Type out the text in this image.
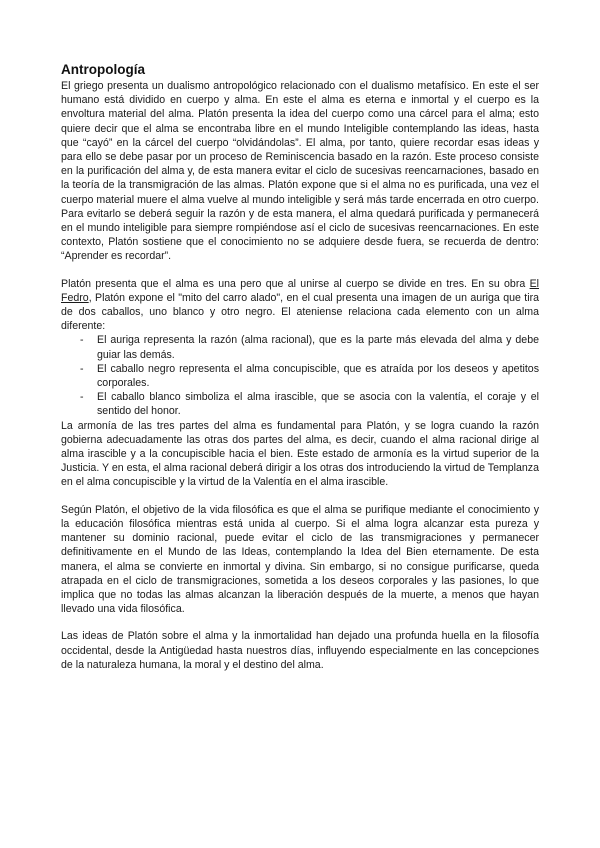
Antropología

El griego presenta un dualismo antropológico relacionado con el dualismo metafísico. En este el ser humano está dividido en cuerpo y alma. En este el alma es eterna e inmortal y el cuerpo es la envoltura material del alma. Platón presenta la idea del cuerpo como una cárcel para el alma; esto quiere decir que el alma se encontraba libre en el mundo Inteligible contemplando las ideas, hasta que “cayó” en la cárcel del cuerpo “olvidándolas”. El alma, por tanto, quiere recordar esas ideas y para ello se debe pasar por un proceso de Reminiscencia basado en la razón. Este proceso consiste en la purificación del alma y, de esta manera evitar el ciclo de sucesivas reencarnaciones, basado en la teoría de la transmigración de las almas. Platón expone que si el alma no es purificada, una vez el cuerpo material muere el alma vuelve al mundo inteligible y será más tarde encerrada en otro cuerpo. Para evitarlo se deberá seguir la razón y de esta manera, el alma quedará purificada y permanecerá en el mundo inteligible para siempre rompiéndose así el ciclo de sucesivas reencarnaciones. En este contexto, Platón sostiene que el conocimiento no se adquiere desde fuera, se recuerda de dentro: “Aprender es recordar”.

Platón presenta que el alma es una pero que al unirse al cuerpo se divide en tres. En su obra El Fedro, Platón expone el "mito del carro alado", en el cual presenta una imagen de un auriga que tira de dos caballos, uno blanco y otro negro. El ateniense relaciona cada elemento con un alma diferente:

- El auriga representa la razón (alma racional), que es la parte más elevada del alma y debe guiar las demás.
- El caballo negro representa el alma concupiscible, que es atraída por los deseos y apetitos corporales.
- El caballo blanco simboliza el alma irascible, que se asocia con la valentía, el coraje y el sentido del honor.

La armonía de las tres partes del alma es fundamental para Platón, y se logra cuando la razón gobierna adecuadamente las otras dos partes del alma, es decir, cuando el alma racional dirige al alma irascible y a la concupiscible hacia el bien. Este estado de armonía es la virtud superior de la Justicia. Y en esta, el alma racional deberá dirigir a los otras dos introduciendo la virtud de Templanza en el alma concupiscible y la virtud de la Valentía en el alma irascible.

Según Platón, el objetivo de la vida filosófica es que el alma se purifique mediante el conocimiento y la educación filosófica mientras está unida al cuerpo. Si el alma logra alcanzar esta pureza y mantener su dominio racional, puede evitar el ciclo de las transmigraciones y permanecer definitivamente en el Mundo de las Ideas, contemplando la Idea del Bien eternamente. De esta manera, el alma se convierte en inmortal y divina. Sin embargo, si no consigue purificarse, queda atrapada en el ciclo de transmigraciones, sometida a los deseos corporales y las pasiones, lo que implica que no todas las almas alcanzan la liberación después de la muerte, a menos que hayan llevado una vida filosófica.

Las ideas de Platón sobre el alma y la inmortalidad han dejado una profunda huella en la filosofía occidental, desde la Antigüedad hasta nuestros días, influyendo especialmente en las concepciones de la naturaleza humana, la moral y el destino del alma.
